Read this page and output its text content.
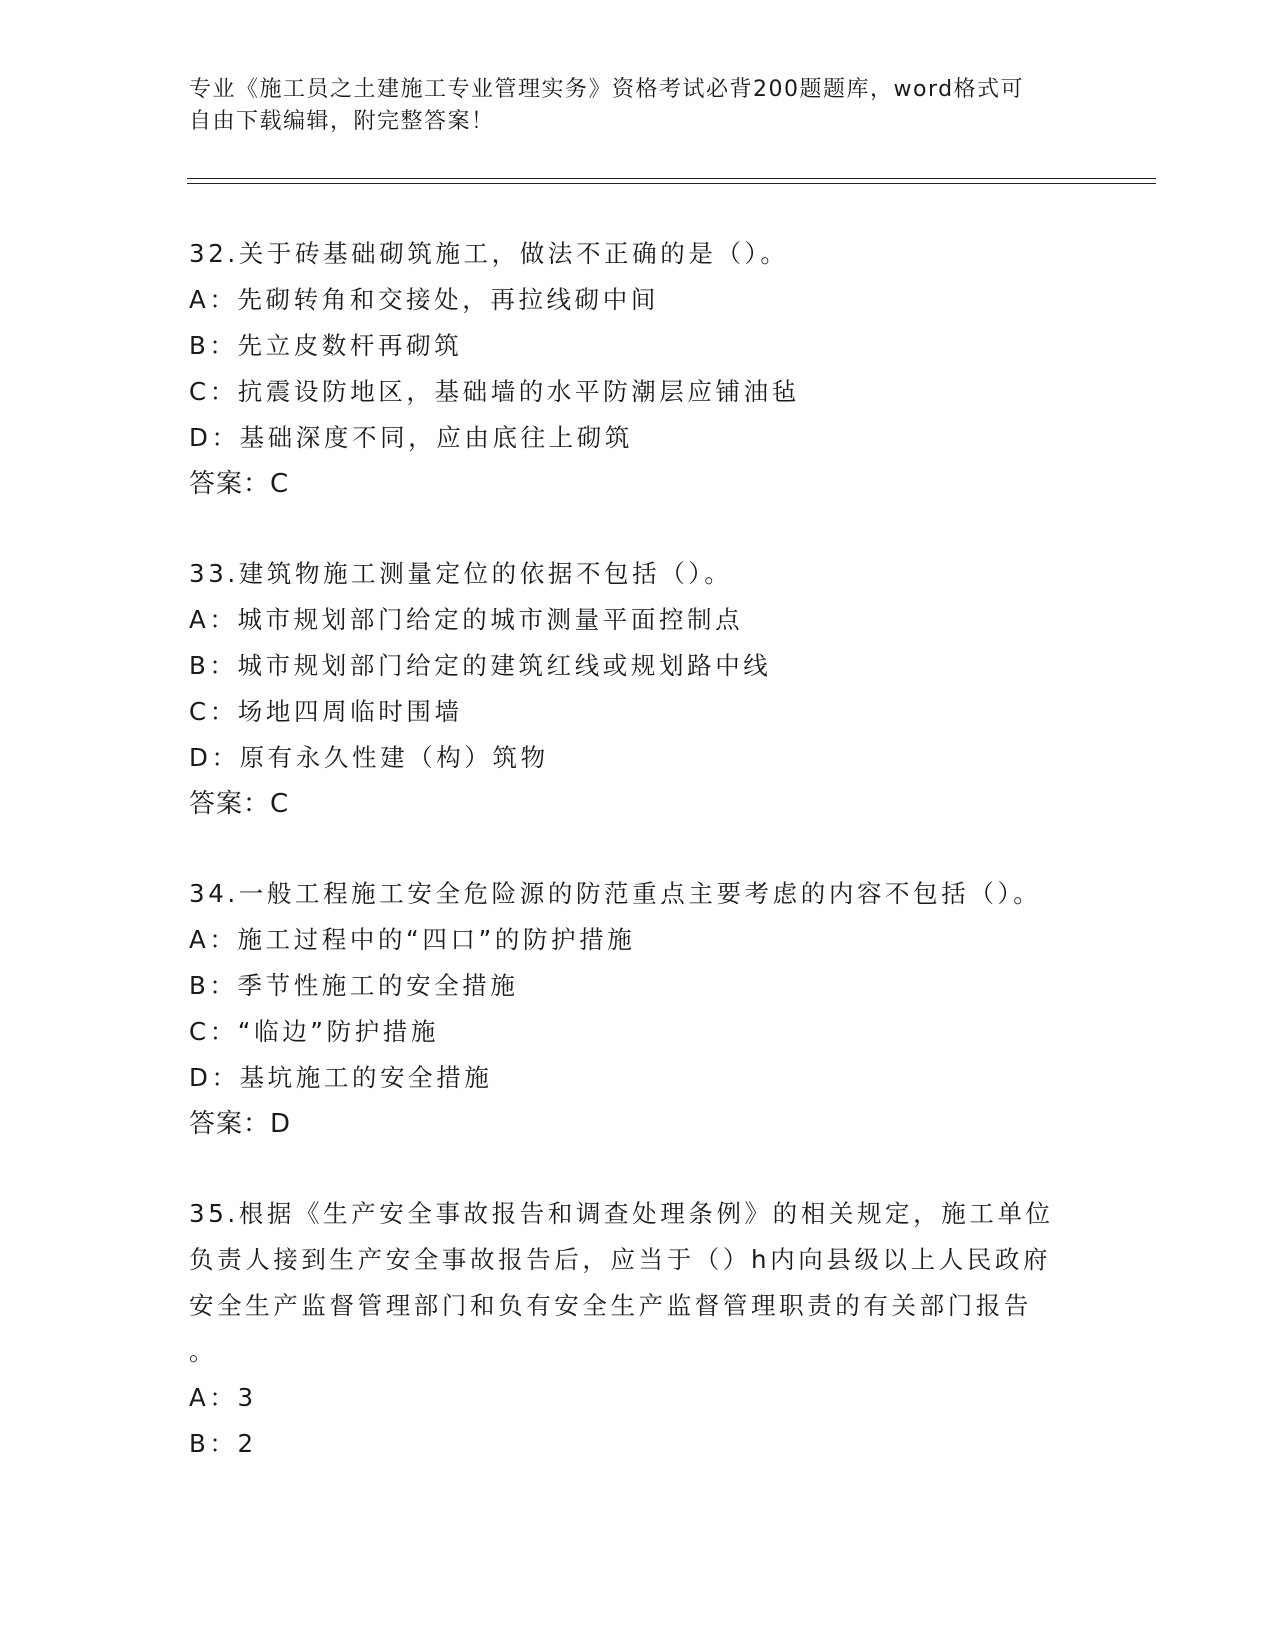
专业《施工员之土建施工专业管理实务》资格考试必背200题题库，word格式可
自由下载编辑，附完整答案！
32.关于砖基础砌筑施工，做法不正确的是（）。
A：先砌转角和交接处，再拉线砌中间
B：先立皮数杆再砌筑
C：抗震设防地区，基础墙的水平防潮层应铺油毡
D：基础深度不同，应由底往上砌筑
答案：C
33.建筑物施工测量定位的依据不包括（）。
A：城市规划部门给定的城市测量平面控制点
B：城市规划部门给定的建筑红线或规划路中线
C：场地四周临时围墙
D：原有永久性建（构）筑物
答案：C
34.一般工程施工安全危险源的防范重点主要考虑的内容不包括（）。
A：施工过程中的“四口”的防护措施
B：季节性施工的安全措施
C：“临边”防护措施
D：基坑施工的安全措施
答案：D
35.根据《生产安全事故报告和调查处理条例》的相关规定，施工单位
负责人接到生产安全事故报告后，应当于（）h内向县级以上人民政府
安全生产监督管理部门和负有安全生产监督管理职责的有关部门报告
。
A：3
B：2
